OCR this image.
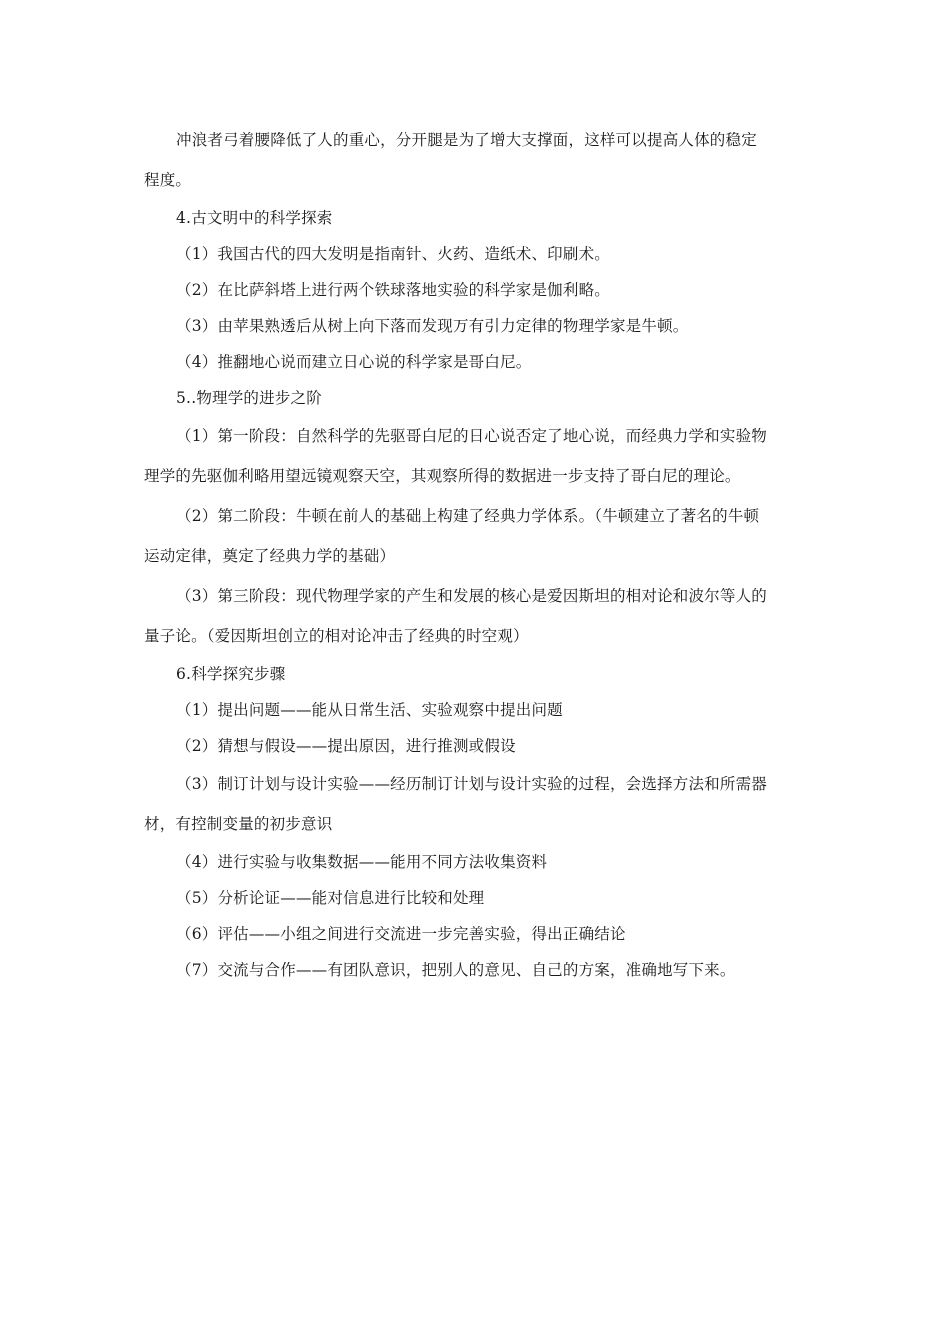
冲浪者弓着腰降低了人的重心，分开腿是为了增大支撑面，这样可以提高人体的稳定
程度。
4.古文明中的科学探索
（1）我国古代的四大发明是指南针、火药、造纸术、印刷术。
（2）在比萨斜塔上进行两个铁球落地实验的科学家是伽利略。
（3）由苹果熟透后从树上向下落而发现万有引力定律的物理学家是牛顿。
（4）推翻地心说而建立日心说的科学家是哥白尼。
5..物理学的进步之阶
（1）第一阶段：自然科学的先驱哥白尼的日心说否定了地心说，而经典力学和实验物
理学的先驱伽利略用望远镜观察天空，其观察所得的数据进一步支持了哥白尼的理论。
（2）第二阶段：牛顿在前人的基础上构建了经典力学体系。（牛顿建立了著名的牛顿
运动定律，奠定了经典力学的基础）
（3）第三阶段：现代物理学家的产生和发展的核心是爱因斯坦的相对论和波尔等人的
量子论。（爱因斯坦创立的相对论冲击了经典的时空观）
6.科学探究步骤
（1）提出问题——能从日常生活、实验观察中提出问题
（2）猜想与假设——提出原因，进行推测或假设
（3）制订计划与设计实验——经历制订计划与设计实验的过程，会选择方法和所需器
材，有控制变量的初步意识
（4）进行实验与收集数据——能用不同方法收集资料
（5）分析论证——能对信息进行比较和处理
（6）评估——小组之间进行交流进一步完善实验，得出正确结论
（7）交流与合作——有团队意识，把别人的意见、自己的方案，准确地写下来。
